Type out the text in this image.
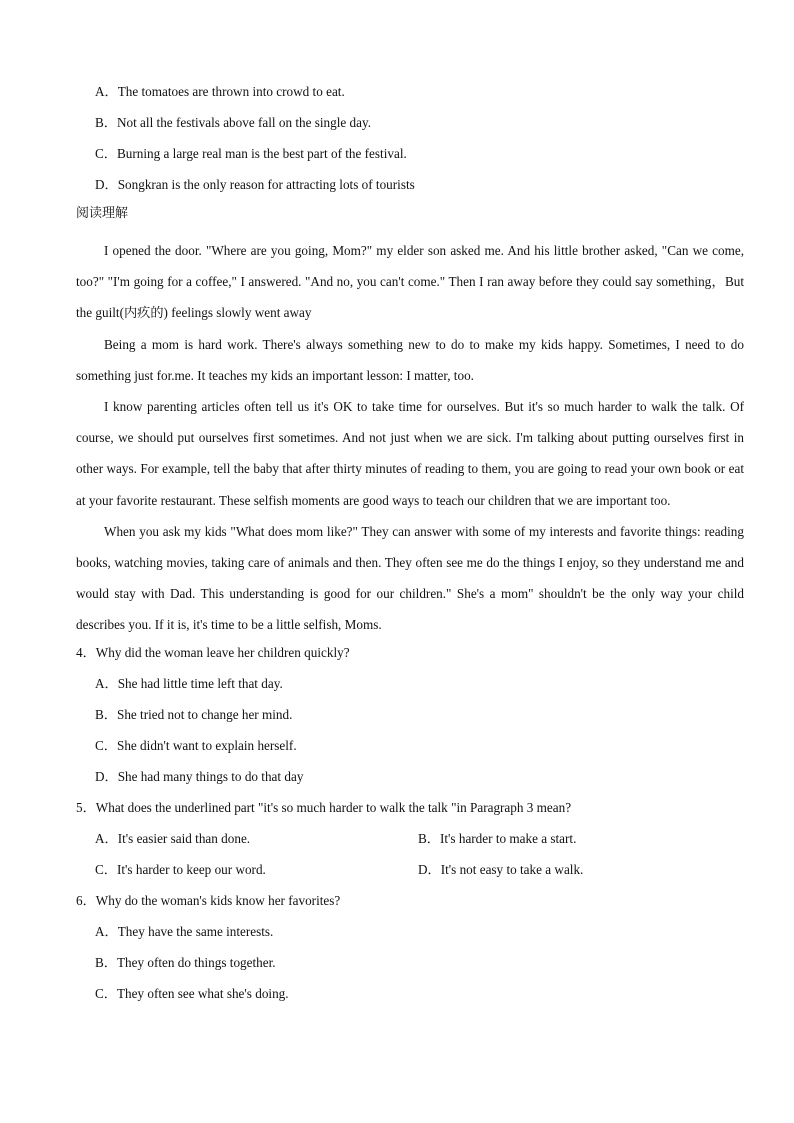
A．The tomatoes are thrown into crowd to eat.
B．Not all the festivals above fall on the single day.
C．Burning a large real man is the best part of the festival.
D．Songkran is the only reason for attracting lots of tourists
阅读理解

I opened the door. "Where are you going, Mom?" my elder son asked me. And his little brother asked, "Can we come, too?" "I'm going for a coffee," I answered. "And no, you can't come." Then I ran away before they could say something，But the guilt(内疚的) feelings slowly went away

Being a mom is hard work. There's always something new to do to make my kids happy. Sometimes, I need to do something just for.me. It teaches my kids an important lesson: I matter, too.

I know parenting articles often tell us it's OK to take time for ourselves. But it's so much harder to walk the talk. Of course, we should put ourselves first sometimes. And not just when we are sick. I'm talking about putting ourselves first in other ways. For example, tell the baby that after thirty minutes of reading to them, you are going to read your own book or eat at your favorite restaurant. These selfish moments are good ways to teach our children that we are important too.

When you ask my kids "What does mom like?" They can answer with some of my interests and favorite things: reading books, watching movies, taking care of animals and then. They often see me do the things I enjoy, so they understand me and would stay with Dad. This understanding is good for our children." She's a mom" shouldn't be the only way your child describes you. If it is, it's time to be a little selfish, Moms.

4．Why did the woman leave her children quickly?
A．She had little time left that day.
B．She tried not to change her mind.
C．She didn't want to explain herself.
D．She had many things to do that day
5．What does the underlined part "it's so much harder to walk the talk "in Paragraph 3 mean?
A．It's easier said than done.	B．It's harder to make a start.
C．It's harder to keep our word.	D．It's not easy to take a walk.
6．Why do the woman's kids know her favorites?
A．They have the same interests.
B．They often do things together.
C．They often see what she's doing.
